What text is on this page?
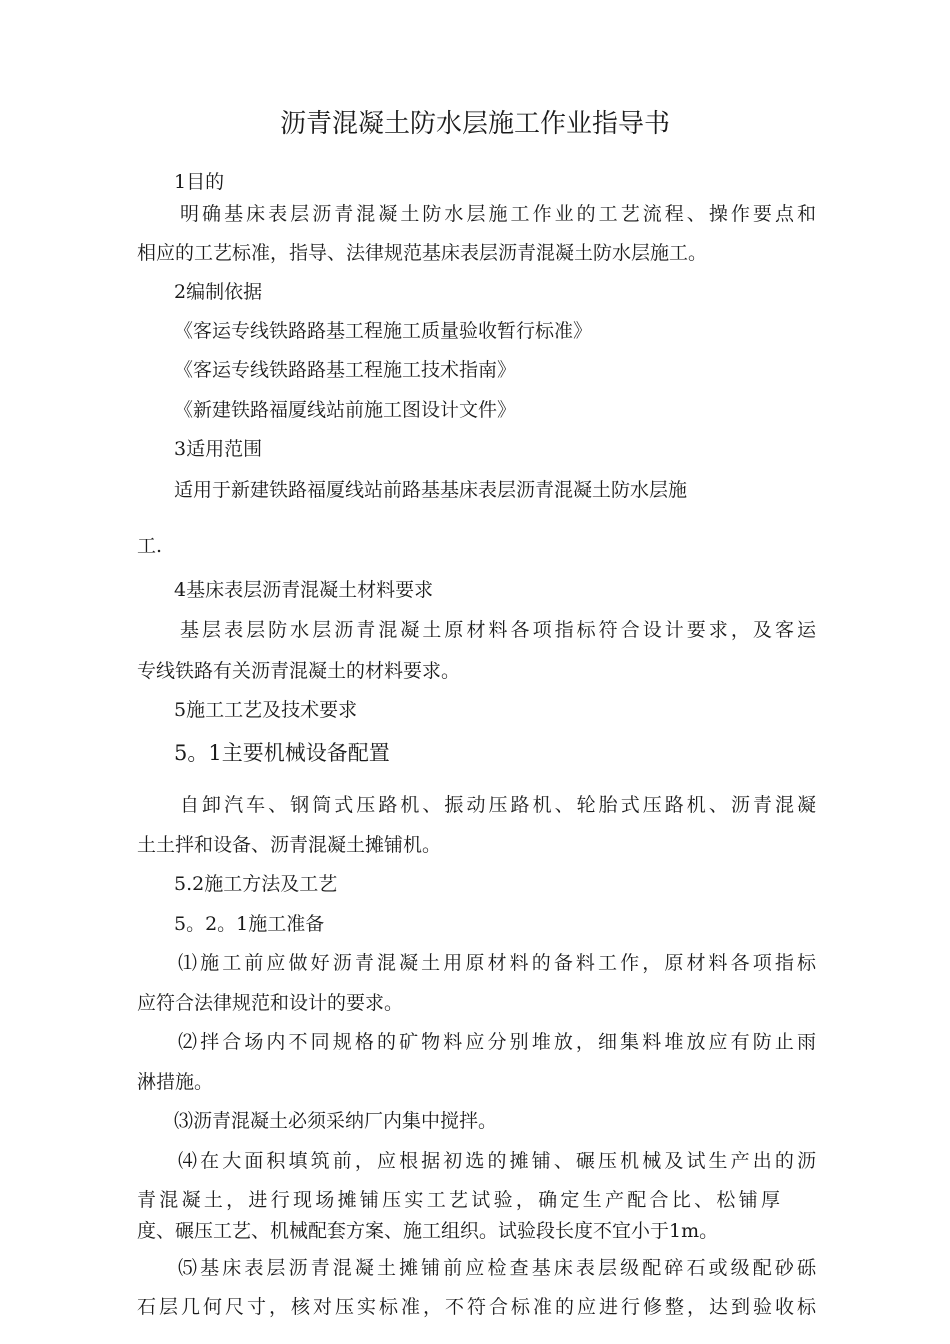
沥青混凝土防水层施工作业指导书

1目的

明确基床表层沥青混凝土防水层施工作业的工艺流程、操作要点和

相应的工艺标准，指导、法律规范基床表层沥青混凝土防水层施工。

2编制依据

《客运专线铁路路基工程施工质量验收暂行标准》

《客运专线铁路路基工程施工技术指南》

《新建铁路福厦线站前施工图设计文件》

3适用范围

适用于新建铁路福厦线站前路基基床表层沥青混凝土防水层施

工.

4基床表层沥青混凝土材料要求

基层表层防水层沥青混凝土原材料各项指标符合设计要求，及客运

专线铁路有关沥青混凝土的材料要求。

5施工工艺及技术要求

5。1主要机械设备配置

自卸汽车、钢筒式压路机、振动压路机、轮胎式压路机、沥青混凝

土土拌和设备、沥青混凝土摊铺机。

5.2施工方法及工艺

5。2。1施工准备

⑴施工前应做好沥青混凝土用原材料的备料工作，原材料各项指标

应符合法律规范和设计的要求。

⑵拌合场内不同规格的矿物料应分别堆放，细集料堆放应有防止雨

淋措施。

⑶沥青混凝土必须采纳厂内集中搅拌。

⑷在大面积填筑前，应根据初选的摊铺、碾压机械及试生产出的沥

青混凝土，进行现场摊铺压实工艺试验，确定生产配合比、松铺厚

度、碾压工艺、机械配套方案、施工组织。试验段长度不宜小于1m。

⑸基床表层沥青混凝土摊铺前应检查基床表层级配碎石或级配砂砾

石层几何尺寸，核对压实标准，不符合标准的应进行修整，达到验收标
